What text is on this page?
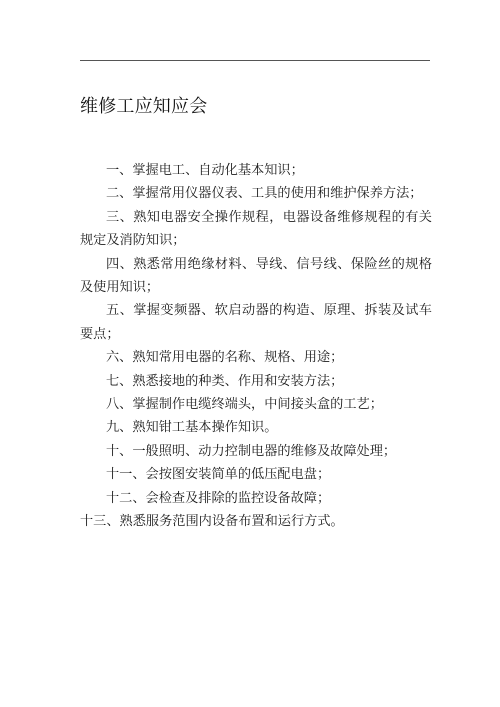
维修工应知应会

一、掌握电工、自动化基本知识；

二、掌握常用仪器仪表、工具的使用和维护保养方法；

三、熟知电器安全操作规程，电器设备维修规程的有关规定及消防知识；

四、熟悉常用绝缘材料、导线、信号线、保险丝的规格及使用知识；

五、掌握变频器、软启动器的构造、原理、拆装及试车要点；

六、熟知常用电器的名称、规格、用途；

七、熟悉接地的种类、作用和安装方法；

八、掌握制作电缆终端头，中间接头盒的工艺；

九、熟知钳工基本操作知识。

十、一般照明、动力控制电器的维修及故障处理；

十一、会按图安装简单的低压配电盘；

十二、会检查及排除的监控设备故障；

十三、熟悉服务范围内设备布置和运行方式。
